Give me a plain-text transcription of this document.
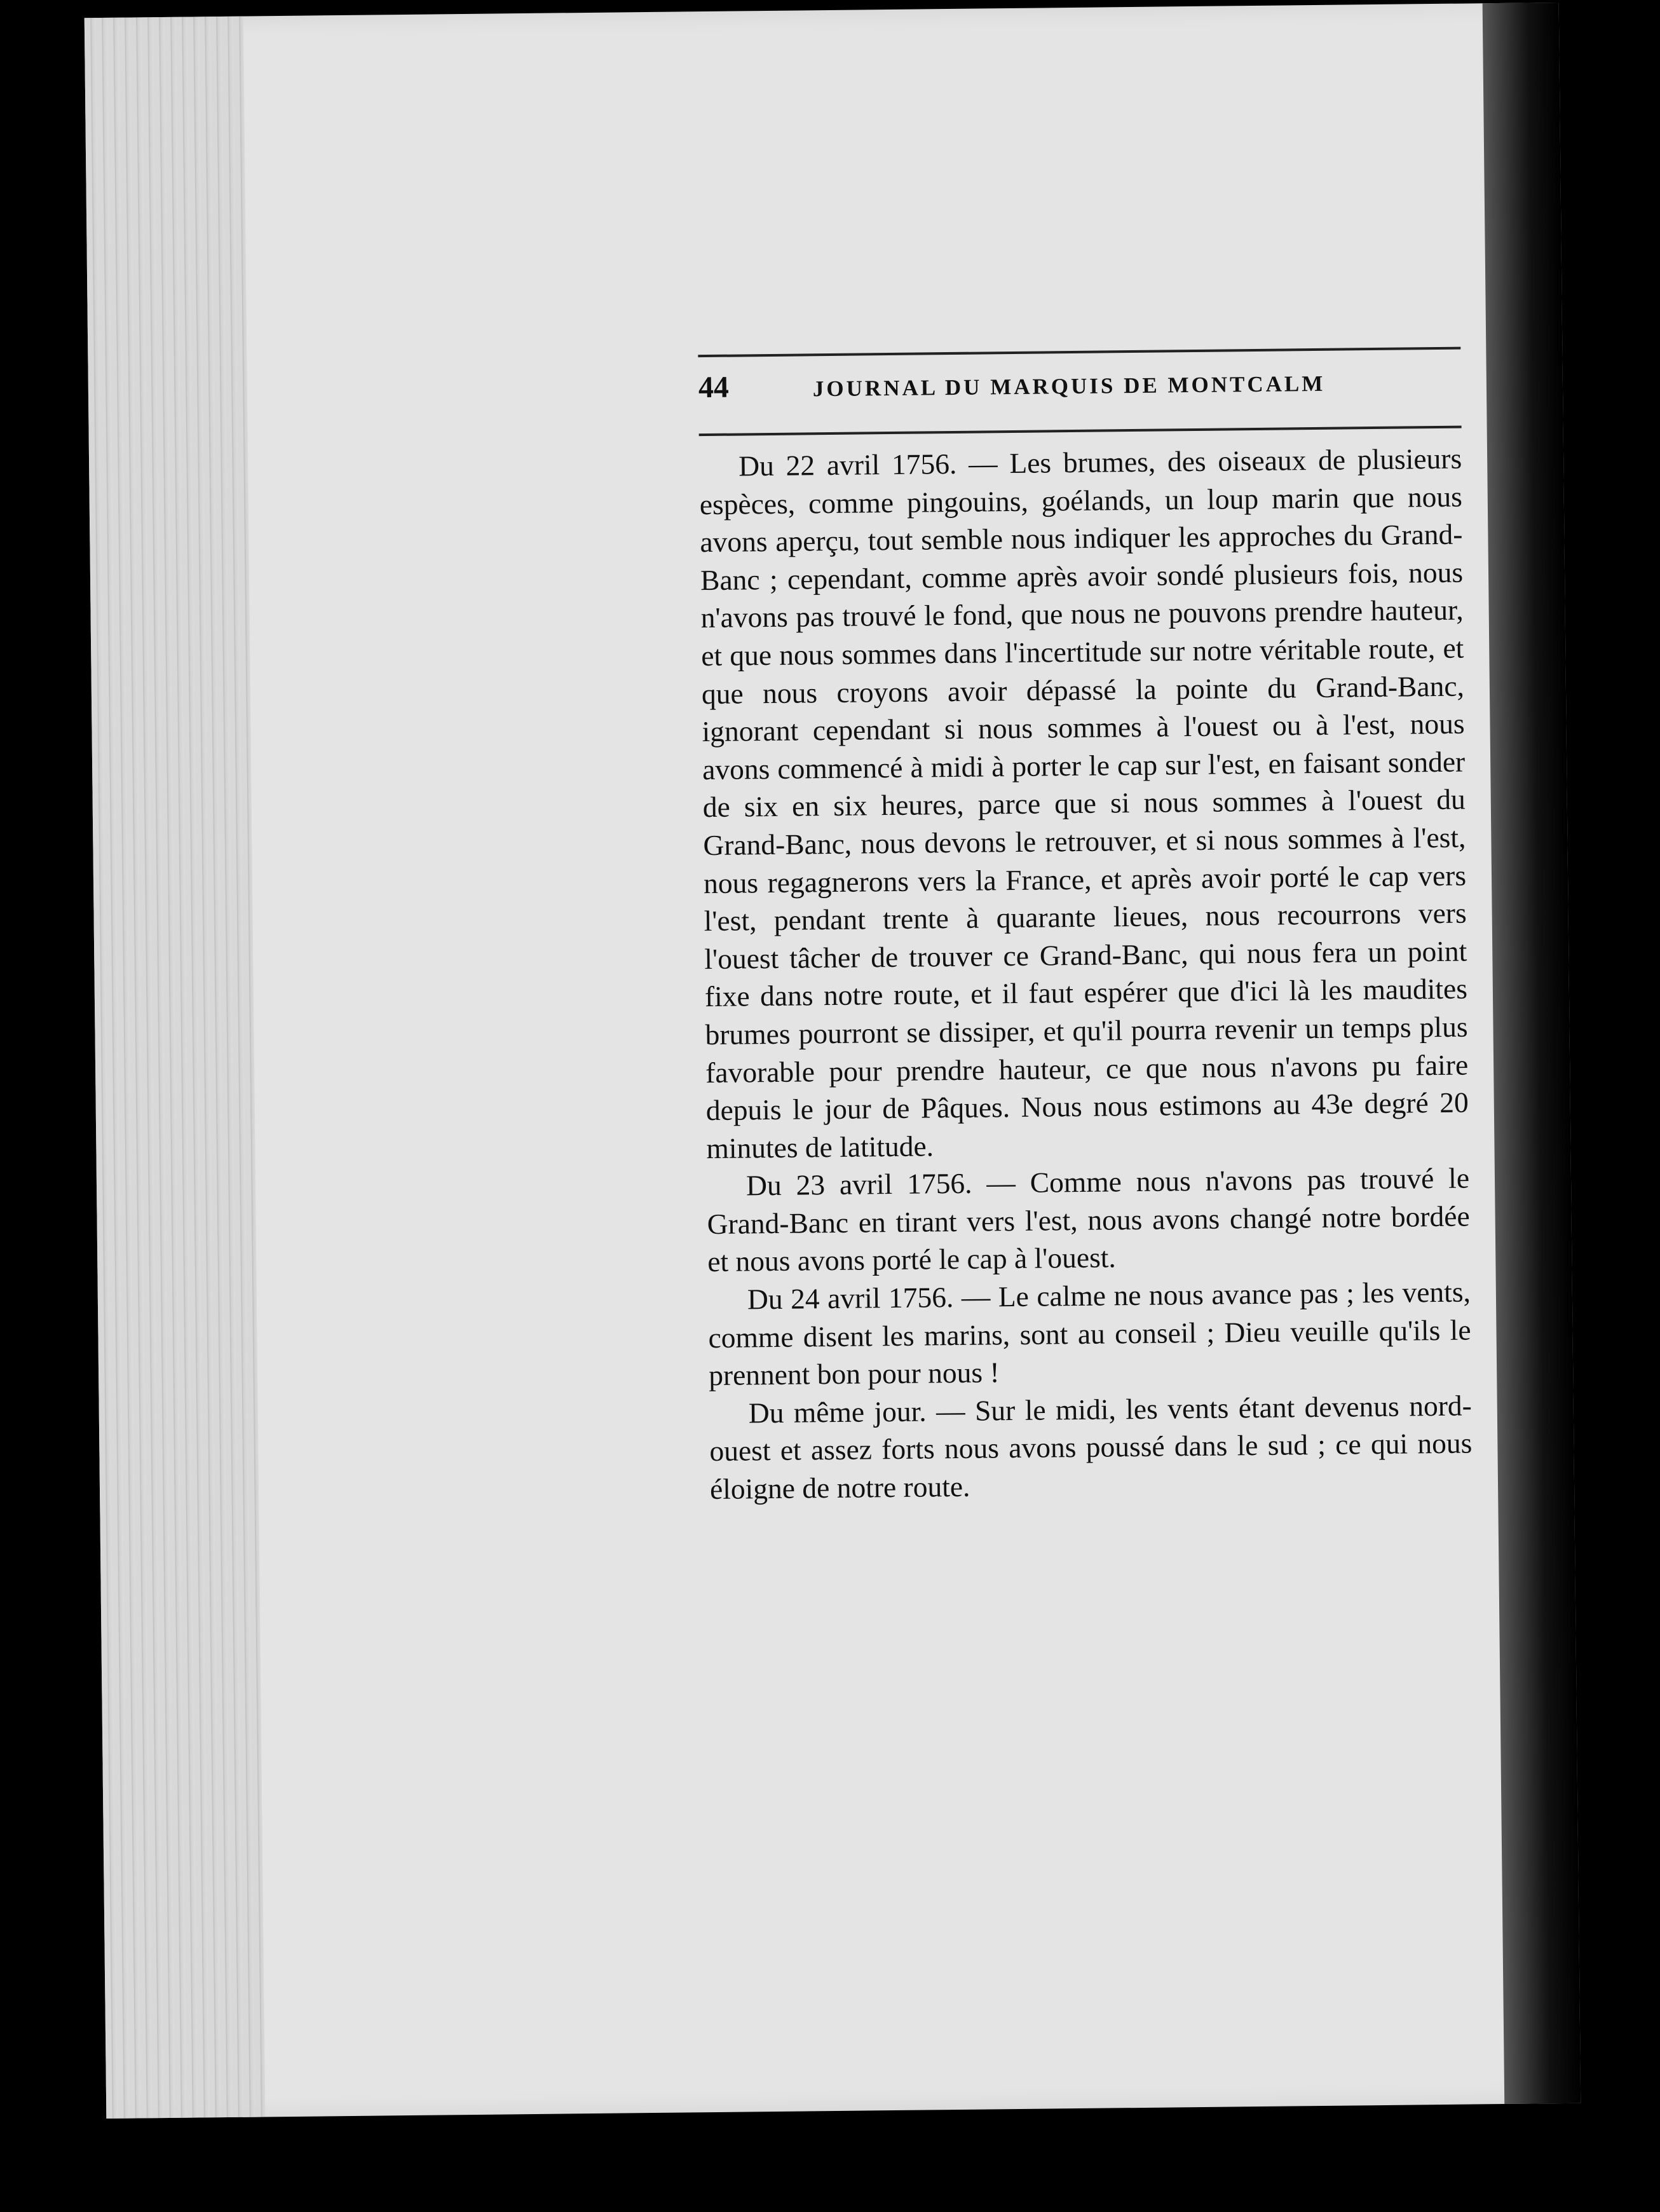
44	JOURNAL DU MARQUIS DE MONTCALM

Du 22 avril 1756. — Les brumes, des oiseaux de plusieurs espèces, comme pingouins, goélands, un loup marin que nous avons aperçu, tout semble nous indiquer les approches du Grand-Banc ; cependant, comme après avoir sondé plusieurs fois, nous n'avons pas trouvé le fond, que nous ne pouvons prendre hauteur, et que nous sommes dans l'incertitude sur notre véritable route, et que nous croyons avoir dépassé la pointe du Grand-Banc, ignorant cependant si nous sommes à l'ouest ou à l'est, nous avons commencé à midi à porter le cap sur l'est, en faisant sonder de six en six heures, parce que si nous sommes à l'ouest du Grand-Banc, nous devons le retrouver, et si nous sommes à l'est, nous regagnerons vers la France, et après avoir porté le cap vers l'est, pendant trente à quarante lieues, nous recourrons vers l'ouest tâcher de trouver ce Grand-Banc, qui nous fera un point fixe dans notre route, et il faut espérer que d'ici là les maudites brumes pourront se dissiper, et qu'il pourra revenir un temps plus favorable pour prendre hauteur, ce que nous n'avons pu faire depuis le jour de Pâques. Nous nous estimons au 43e degré 20 minutes de latitude.

Du 23 avril 1756. — Comme nous n'avons pas trouvé le Grand-Banc en tirant vers l'est, nous avons changé notre bordée et nous avons porté le cap à l'ouest.

Du 24 avril 1756. — Le calme ne nous avance pas ; les vents, comme disent les marins, sont au conseil ; Dieu veuille qu'ils le prennent bon pour nous !

Du même jour. — Sur le midi, les vents étant devenus nord-ouest et assez forts nous avons poussé dans le sud ; ce qui nous éloigne de notre route.
